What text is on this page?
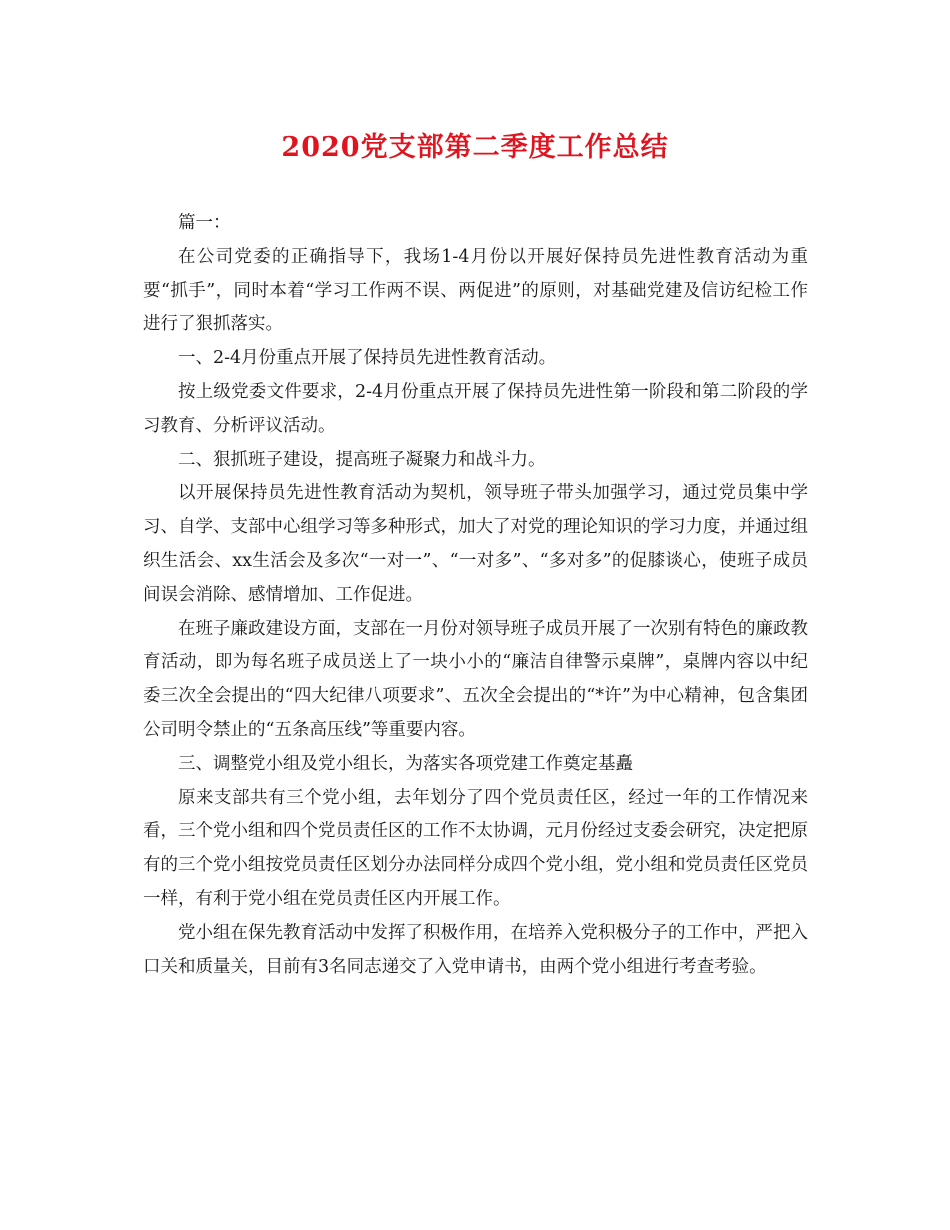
2020党支部第二季度工作总结

篇一：

在公司党委的正确指导下，我场1-4月份以开展好保持员先进性教育活动为重要“抓手”，同时本着“学习工作两不误、两促进”的原则，对基础党建及信访纪检工作进行了狠抓落实。

一、2-4月份重点开展了保持员先进性教育活动。

按上级党委文件要求，2-4月份重点开展了保持员先进性第一阶段和第二阶段的学习教育、分析评议活动。

二、狠抓班子建设，提高班子凝聚力和战斗力。

以开展保持员先进性教育活动为契机，领导班子带头加强学习，通过党员集中学习、自学、支部中心组学习等多种形式，加大了对党的理论知识的学习力度，并通过组织生活会、xx生活会及多次“一对一”、“一对多”、“多对多”的促膝谈心，使班子成员间误会消除、感情增加、工作促进。

在班子廉政建设方面，支部在一月份对领导班子成员开展了一次别有特色的廉政教育活动，即为每名班子成员送上了一块小小的“廉洁自律警示桌牌”，桌牌内容以中纪委三次全会提出的“四大纪律八项要求”、五次全会提出的“*许”为中心精神，包含集团公司明令禁止的“五条高压线”等重要内容。

三、调整党小组及党小组长，为落实各项党建工作奠定基矗

原来支部共有三个党小组，去年划分了四个党员责任区，经过一年的工作情况来看，三个党小组和四个党员责任区的工作不太协调，元月份经过支委会研究，决定把原有的三个党小组按党员责任区划分办法同样分成四个党小组，党小组和党员责任区党员一样，有利于党小组在党员责任区内开展工作。

党小组在保先教育活动中发挥了积极作用，在培养入党积极分子的工作中，严把入口关和质量关，目前有3名同志递交了入党申请书，由两个党小组进行考查考验。
